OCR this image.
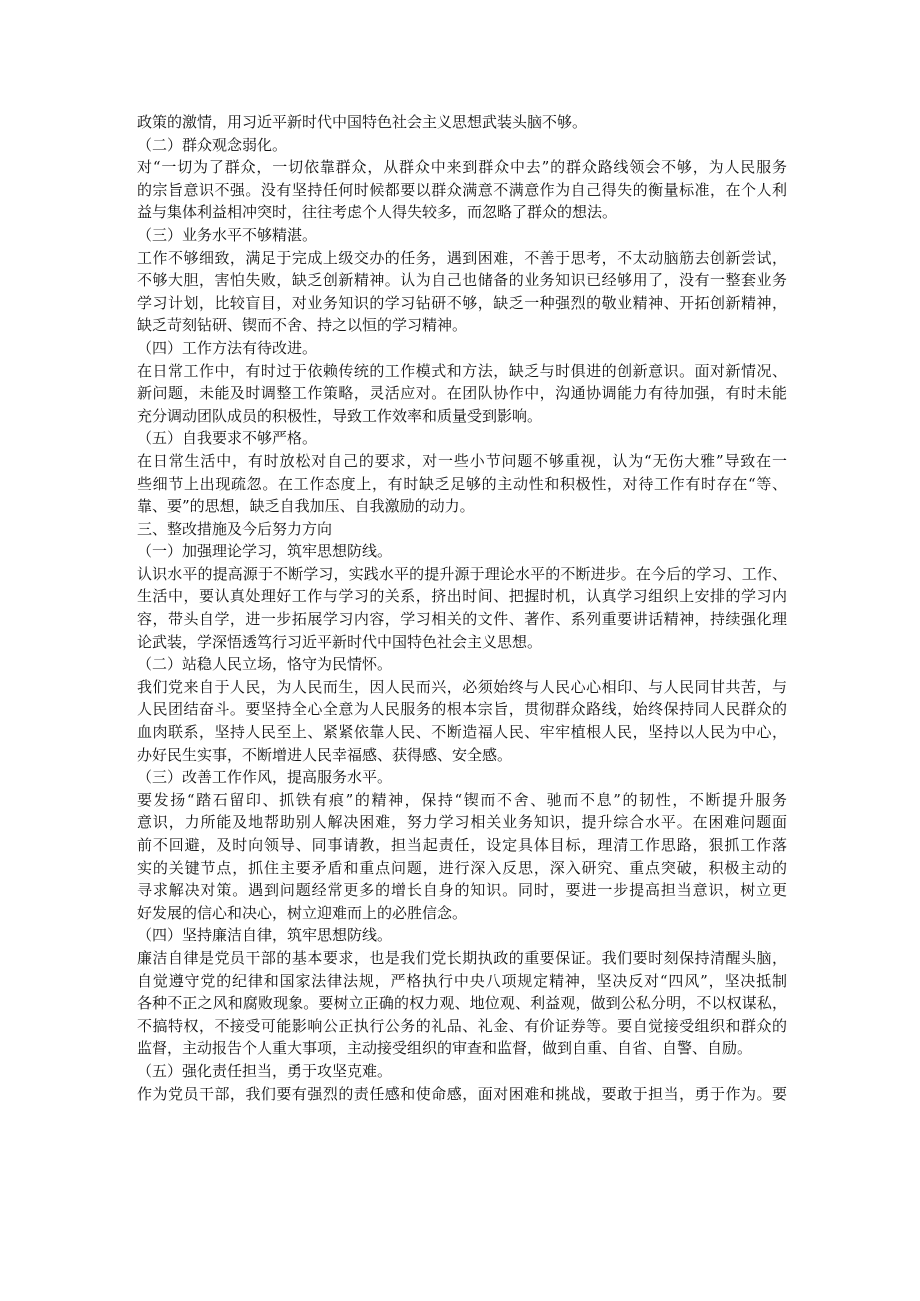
政策的激情，用习近平新时代中国特色社会主义思想武装头脑不够。
（二）群众观念弱化。
对“一切为了群众，一切依靠群众，从群众中来到群众中去”的群众路线领会不够，为人民服务
的宗旨意识不强。没有坚持任何时候都要以群众满意不满意作为自己得失的衡量标准，在个人利
益与集体利益相冲突时，往往考虑个人得失较多，而忽略了群众的想法。
（三）业务水平不够精湛。
工作不够细致，满足于完成上级交办的任务，遇到困难，不善于思考，不太动脑筋去创新尝试，
不够大胆，害怕失败，缺乏创新精神。认为自己也储备的业务知识已经够用了，没有一整套业务
学习计划，比较盲目，对业务知识的学习钻研不够，缺乏一种强烈的敬业精神、开拓创新精神，
缺乏苛刻钻研、锲而不舍、持之以恒的学习精神。
（四）工作方法有待改进。
在日常工作中，有时过于依赖传统的工作模式和方法，缺乏与时俱进的创新意识。面对新情况、
新问题，未能及时调整工作策略，灵活应对。在团队协作中，沟通协调能力有待加强，有时未能
充分调动团队成员的积极性，导致工作效率和质量受到影响。
（五）自我要求不够严格。
在日常生活中，有时放松对自己的要求，对一些小节问题不够重视，认为“无伤大雅”导致在一
些细节上出现疏忽。在工作态度上，有时缺乏足够的主动性和积极性，对待工作有时存在“等、
靠、要”的思想，缺乏自我加压、自我激励的动力。
三、整改措施及今后努力方向
（一）加强理论学习，筑牢思想防线。
认识水平的提高源于不断学习，实践水平的提升源于理论水平的不断进步。在今后的学习、工作、
生活中，要认真处理好工作与学习的关系，挤出时间、把握时机，认真学习组织上安排的学习内
容，带头自学，进一步拓展学习内容，学习相关的文件、著作、系列重要讲话精神，持续强化理
论武装，学深悟透笃行习近平新时代中国特色社会主义思想。
（二）站稳人民立场，恪守为民情怀。
我们党来自于人民，为人民而生，因人民而兴，必须始终与人民心心相印、与人民同甘共苦，与
人民团结奋斗。要坚持全心全意为人民服务的根本宗旨，贯彻群众路线，始终保持同人民群众的
血肉联系，坚持人民至上、紧紧依靠人民、不断造福人民、牢牢植根人民，坚持以人民为中心，
办好民生实事，不断增进人民幸福感、获得感、安全感。
（三）改善工作作风，提高服务水平。
要发扬“踏石留印、抓铁有痕”的精神，保持“锲而不舍、驰而不息”的韧性，不断提升服务
意识，力所能及地帮助别人解决困难，努力学习相关业务知识，提升综合水平。在困难问题面
前不回避，及时向领导、同事请教，担当起责任，设定具体目标，理清工作思路，狠抓工作落
实的关键节点，抓住主要矛盾和重点问题，进行深入反思，深入研究、重点突破，积极主动的
寻求解决对策。遇到问题经常更多的增长自身的知识。同时，要进一步提高担当意识，树立更
好发展的信心和决心，树立迎难而上的必胜信念。
（四）坚持廉洁自律，筑牢思想防线。
廉洁自律是党员干部的基本要求，也是我们党长期执政的重要保证。我们要时刻保持清醒头脑，
自觉遵守党的纪律和国家法律法规，严格执行中央八项规定精神，坚决反对“四风”，坚决抵制
各种不正之风和腐败现象。要树立正确的权力观、地位观、利益观，做到公私分明，不以权谋私，
不搞特权，不接受可能影响公正执行公务的礼品、礼金、有价证券等。要自觉接受组织和群众的
监督，主动报告个人重大事项，主动接受组织的审查和监督，做到自重、自省、自警、自励。
（五）强化责任担当，勇于攻坚克难。
作为党员干部，我们要有强烈的责任感和使命感，面对困难和挑战，要敢于担当，勇于作为。要
